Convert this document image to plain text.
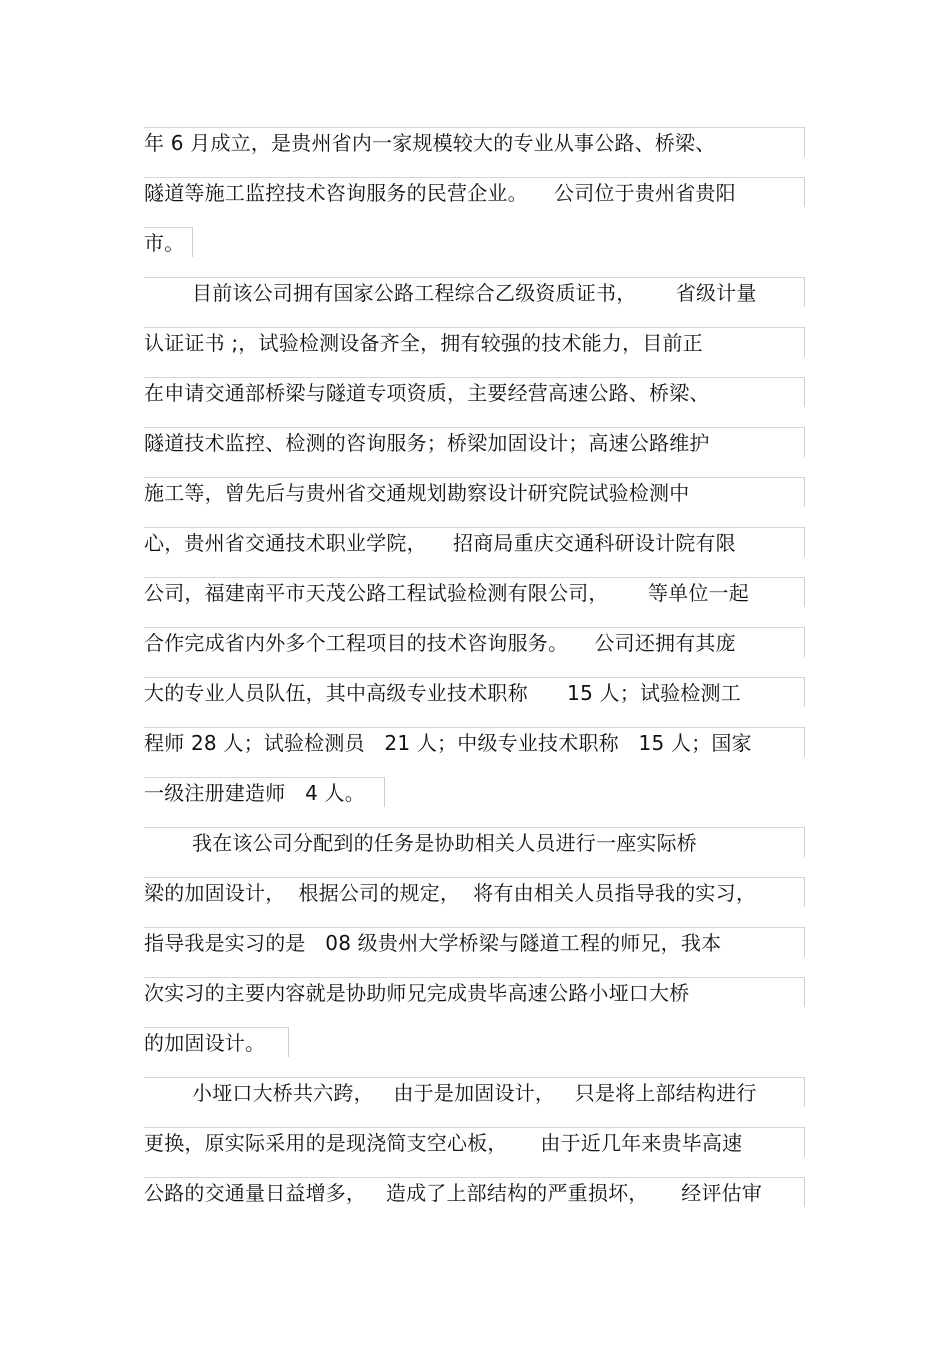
年 6 月成立，是贵州省内一家规模较大的专业从事公路、桥梁、
隧道等施工监控技术咨询服务的民营企业。    公司位于贵州省贵阳
市。
目前该公司拥有国家公路工程综合乙级资质证书，      省级计量
认证证书 ;，试验检测设备齐全，拥有较强的技术能力，目前正
在申请交通部桥梁与隧道专项资质，主要经营高速公路、桥梁、
隧道技术监控、检测的咨询服务；桥梁加固设计；高速公路维护
施工等，曾先后与贵州省交通规划勘察设计研究院试验检测中
心，贵州省交通技术职业学院，    招商局重庆交通科研设计院有限
公司，福建南平市天茂公路工程试验检测有限公司，      等单位一起
合作完成省内外多个工程项目的技术咨询服务。    公司还拥有其庞
大的专业人员队伍，其中高级专业技术职称      15 人；试验检测工
程师 28 人；试验检测员   21 人；中级专业技术职称   15 人；国家
一级注册建造师   4 人。
我在该公司分配到的任务是协助相关人员进行一座实际桥
梁的加固设计，  根据公司的规定，  将有由相关人员指导我的实习，
指导我是实习的是   08 级贵州大学桥梁与隧道工程的师兄，我本
次实习的主要内容就是协助师兄完成贵毕高速公路小垭口大桥
的加固设计。
小垭口大桥共六跨，   由于是加固设计，   只是将上部结构进行
更换，原实际采用的是现浇简支空心板，     由于近几年来贵毕高速
公路的交通量日益增多，   造成了上部结构的严重损坏，     经评估审
